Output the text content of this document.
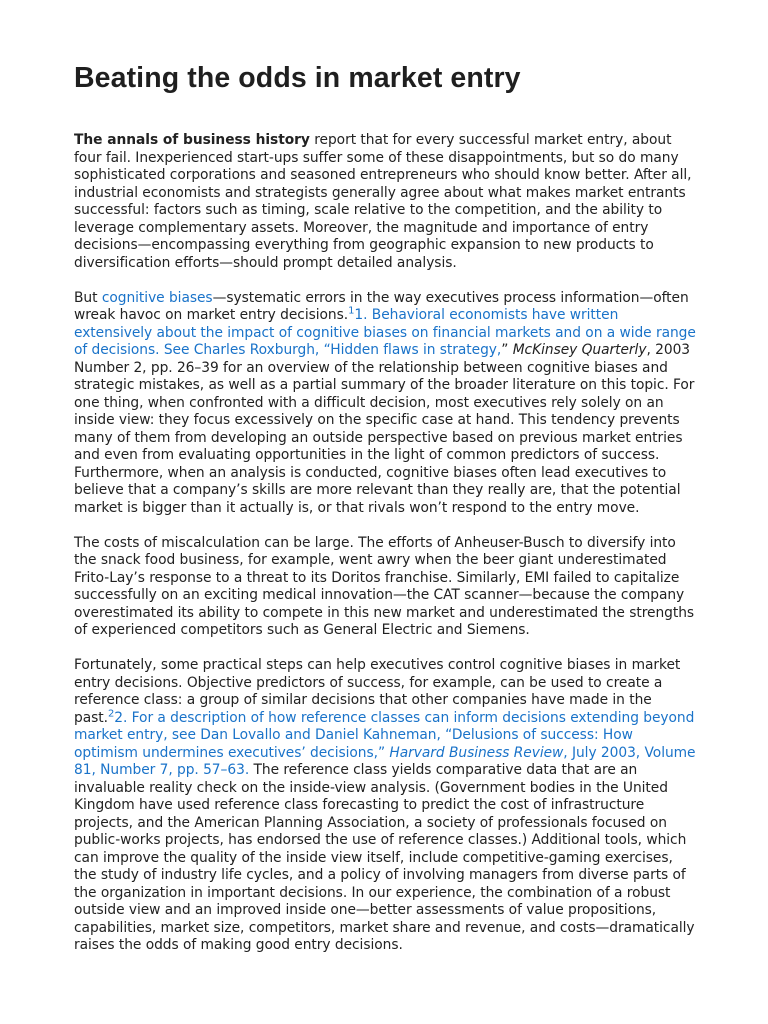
Beating the odds in market entry

The annals of business history report that for every successful market entry, about four fail. Inexperienced start-ups suffer some of these disappointments, but so do many sophisticated corporations and seasoned entrepreneurs who should know better. After all, industrial economists and strategists generally agree about what makes market entrants successful: factors such as timing, scale relative to the competition, and the ability to leverage complementary assets. Moreover, the magnitude and importance of entry decisions—encompassing everything from geographic expansion to new products to diversification efforts—should prompt detailed analysis.

But cognitive biases—systematic errors in the way executives process information—often wreak havoc on market entry decisions.$^1$1. Behavioral economists have written extensively about the impact of cognitive biases on financial markets and on a wide range of decisions. See Charles Roxburgh, “Hidden flaws in strategy,” McKinsey Quarterly, 2003 Number 2, pp. 26–39 for an overview of the relationship between cognitive biases and strategic mistakes, as well as a partial summary of the broader literature on this topic. For one thing, when confronted with a difficult decision, most executives rely solely on an inside view: they focus excessively on the specific case at hand. This tendency prevents many of them from developing an outside perspective based on previous market entries and even from evaluating opportunities in the light of common predictors of success. Furthermore, when an analysis is conducted, cognitive biases often lead executives to believe that a company’s skills are more relevant than they really are, that the potential market is bigger than it actually is, or that rivals won’t respond to the entry move.

The costs of miscalculation can be large. The efforts of Anheuser-Busch to diversify into the snack food business, for example, went awry when the beer giant underestimated Frito-Lay’s response to a threat to its Doritos franchise. Similarly, EMI failed to capitalize successfully on an exciting medical innovation—the CAT scanner—because the company overestimated its ability to compete in this new market and underestimated the strengths of experienced competitors such as General Electric and Siemens.

Fortunately, some practical steps can help executives control cognitive biases in market entry decisions. Objective predictors of success, for example, can be used to create a reference class: a group of similar decisions that other companies have made in the past.$^2$2. For a description of how reference classes can inform decisions extending beyond market entry, see Dan Lovallo and Daniel Kahneman, “Delusions of success: How optimism undermines executives’ decisions,” Harvard Business Review, July 2003, Volume 81, Number 7, pp. 57–63. The reference class yields comparative data that are an invaluable reality check on the inside-view analysis. (Government bodies in the United Kingdom have used reference class forecasting to predict the cost of infrastructure projects, and the American Planning Association, a society of professionals focused on public-works projects, has endorsed the use of reference classes.) Additional tools, which can improve the quality of the inside view itself, include competitive-gaming exercises, the study of industry life cycles, and a policy of involving managers from diverse parts of the organization in important decisions. In our experience, the combination of a robust outside view and an improved inside one—better assessments of value propositions, capabilities, market size, competitors, market share and revenue, and costs—dramatically raises the odds of making good entry decisions.
